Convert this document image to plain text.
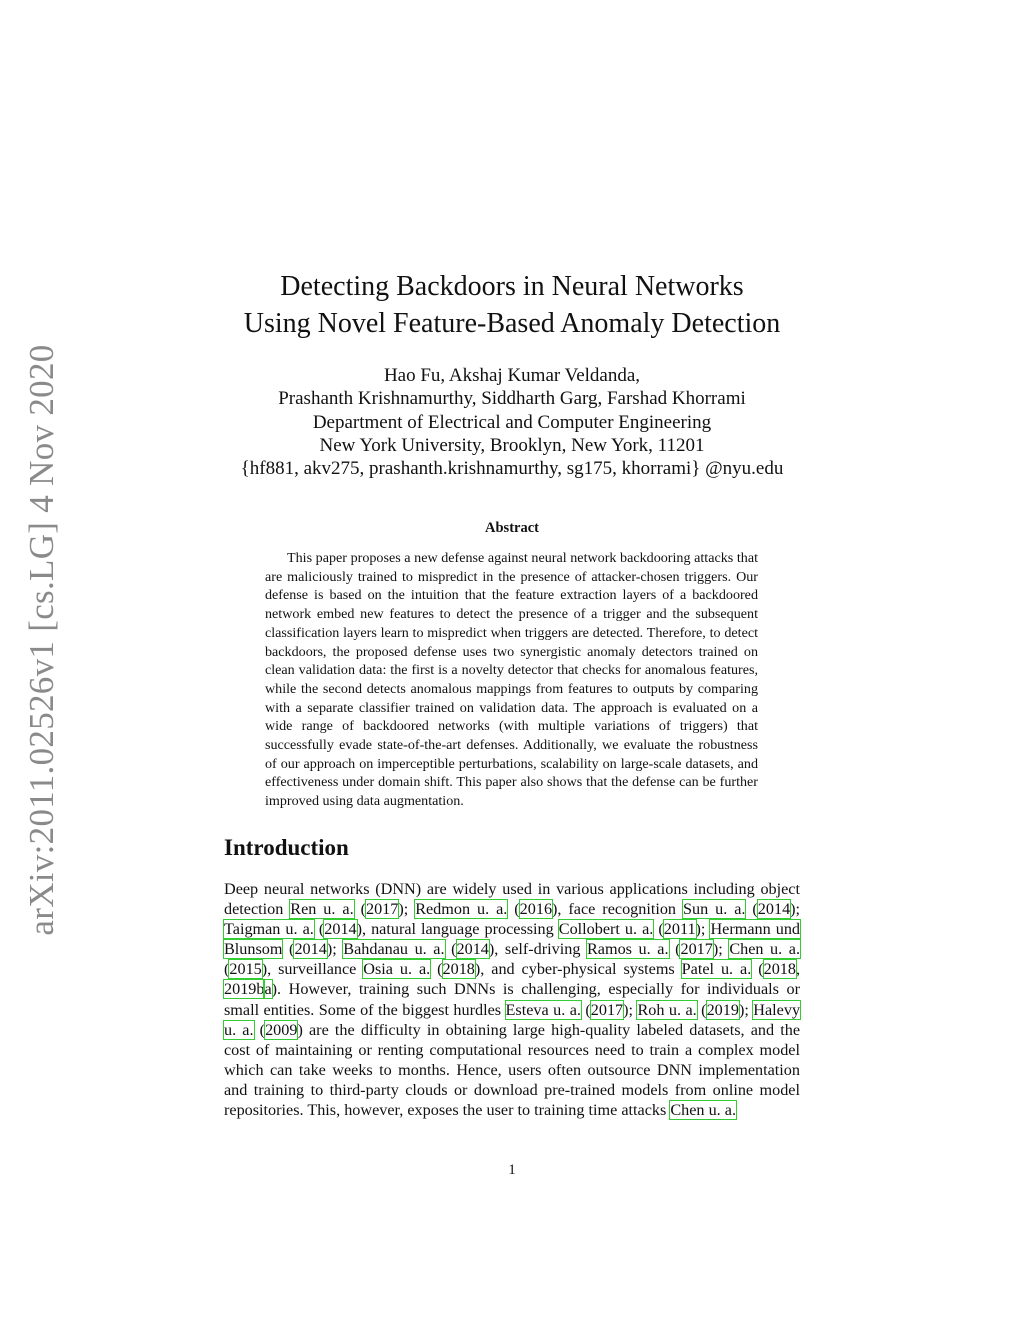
arXiv:2011.02526v1 [cs.LG] 4 Nov 2020
Detecting Backdoors in Neural Networks
Using Novel Feature-Based Anomaly Detection
Hao Fu, Akshaj Kumar Veldanda,
Prashanth Krishnamurthy, Siddharth Garg, Farshad Khorrami
Department of Electrical and Computer Engineering
New York University, Brooklyn, New York, 11201
{hf881, akv275, prashanth.krishnamurthy, sg175, khorrami} @nyu.edu
Abstract

This paper proposes a new defense against neural network backdooring attacks that are maliciously trained to mispredict in the presence of attacker-chosen triggers. Our defense is based on the intuition that the feature extraction layers of a backdoored network embed new features to detect the presence of a trigger and the subsequent classification layers learn to mispredict when triggers are detected. Therefore, to detect backdoors, the proposed defense uses two synergistic anomaly detectors trained on clean validation data: the first is a novelty detector that checks for anomalous features, while the second detects anomalous mappings from features to outputs by comparing with a separate classifier trained on validation data. The approach is evaluated on a wide range of backdoored networks (with multiple variations of triggers) that successfully evade state-of-the-art defenses. Additionally, we evaluate the robustness of our approach on imperceptible perturbations, scalability on large-scale datasets, and effectiveness under domain shift. This paper also shows that the defense can be further improved using data augmentation.

Introduction

Deep neural networks (DNN) are widely used in various applications including object detection Ren u. a. (2017); Redmon u. a. (2016), face recognition Sun u. a. (2014); Taigman u. a. (2014), natural language processing Collobert u. a. (2011); Hermann und Blunsom (2014); Bahdanau u. a. (2014), self-driving Ramos u. a. (2017); Chen u. a. (2015), surveillance Osia u. a. (2018), and cyber-physical systems Patel u. a. (2018, 2019ba). However, training such DNNs is challenging, especially for individuals or small entities. Some of the biggest hurdles Esteva u. a. (2017); Roh u. a. (2019); Halevy u. a. (2009) are the difficulty in obtaining large high-quality labeled datasets, and the cost of maintaining or renting computational resources need to train a complex model which can take weeks to months. Hence, users often outsource DNN implementation and training to third-party clouds or download pre-trained models from online model repositories. This, however, exposes the user to training time attacks Chen u. a.

1
